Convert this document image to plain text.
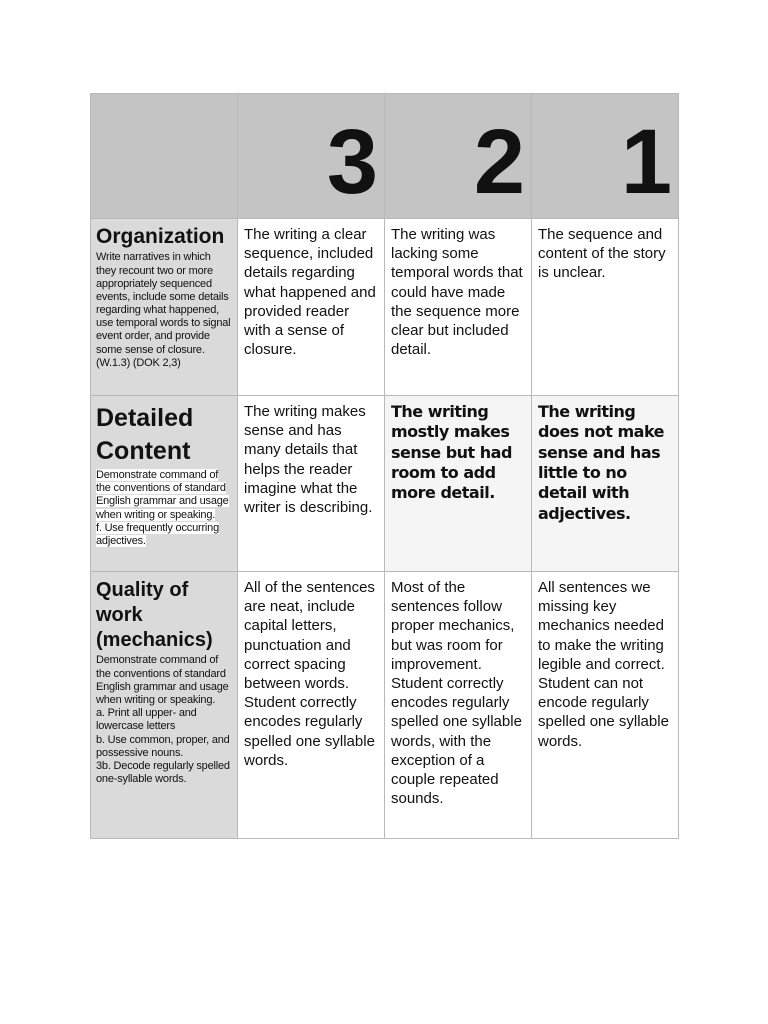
	3	2	1

Organization

Write narratives in which they recount two or more appropriately sequenced events, include some details regarding what happened, use temporal words to signal event order, and provide some sense of closure. (W.1.3) (DOK 2,3)	The writing a clear sequence, included details regarding what happened and provided reader with a sense of closure.	The writing was lacking some temporal words that could have made the sequence more clear but included detail.	The sequence and content of the story is unclear.

Detailed Content

Demonstrate command of the conventions of standard English grammar and usage when writing or speaking.
f. Use frequently occurring adjectives.	The writing makes sense and has many details that helps the reader imagine what the writer is describing.	The writing mostly makes sense but had room to add more detail.	The writing does not make sense and has little to no detail with adjectives.

Quality of work (mechanics)

Demonstrate command of the conventions of standard English grammar and usage when writing or speaking.
a. Print all upper- and lowercase letters
b. Use common, proper, and possessive nouns.
3b. Decode regularly spelled one-syllable words.	All of the sentences are neat, include capital letters, punctuation and correct spacing between words. Student correctly encodes regularly spelled one syllable words.	Most of the sentences follow proper mechanics, but was room for improvement. Student correctly encodes regularly spelled one syllable words, with the exception of a couple repeated sounds.	All sentences we missing key mechanics needed to make the writing legible and correct. Student can not encode regularly spelled one syllable words.
